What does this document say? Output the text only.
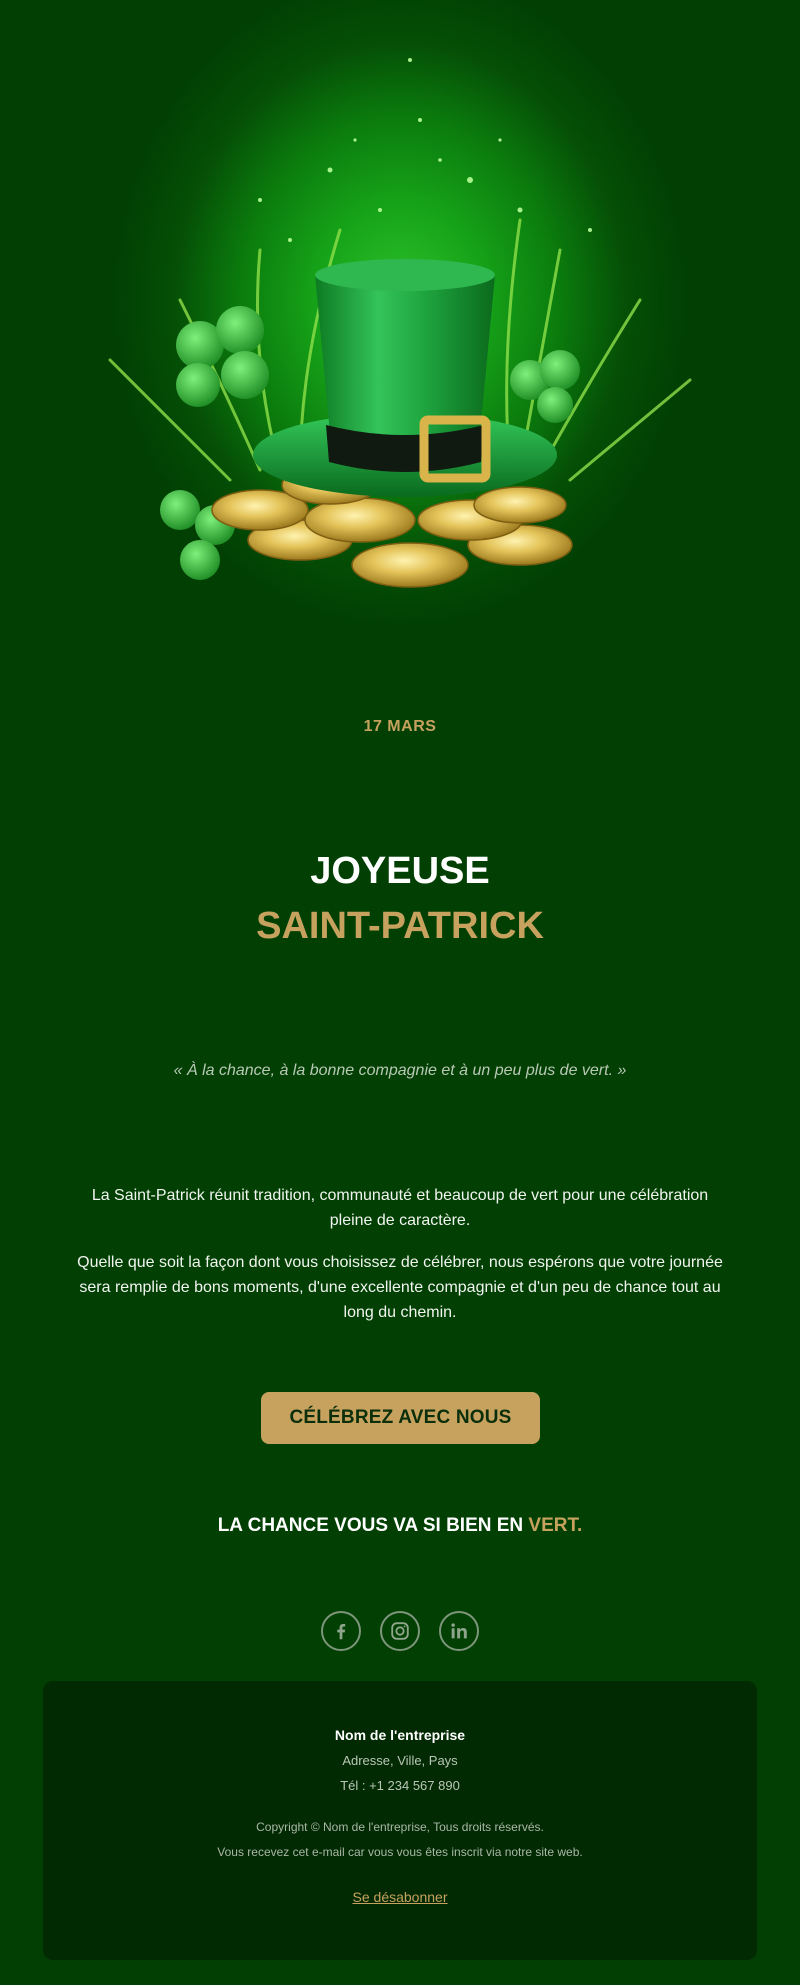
17 MARS
JOYEUSE
SAINT-PATRICK
« À la chance, à la bonne compagnie et à un peu plus de vert. »

La Saint-Patrick réunit tradition, communauté et beaucoup de vert pour une célébration pleine de caractère.

Quelle que soit la façon dont vous choisissez de célébrer, nous espérons que votre journée sera remplie de bons moments, d'une excellente compagnie et d'un peu de chance tout au long du chemin.

CÉLÉBREZ AVEC NOUS
LA CHANCE VOUS VA SI BIEN EN VERT.
Nom de l'entreprise
Adresse, Ville, Pays
Tél : +1 234 567 890
Copyright © Nom de l'entreprise, Tous droits réservés.
Vous recevez cet e-mail car vous vous êtes inscrit via notre site web.
Se désabonner
